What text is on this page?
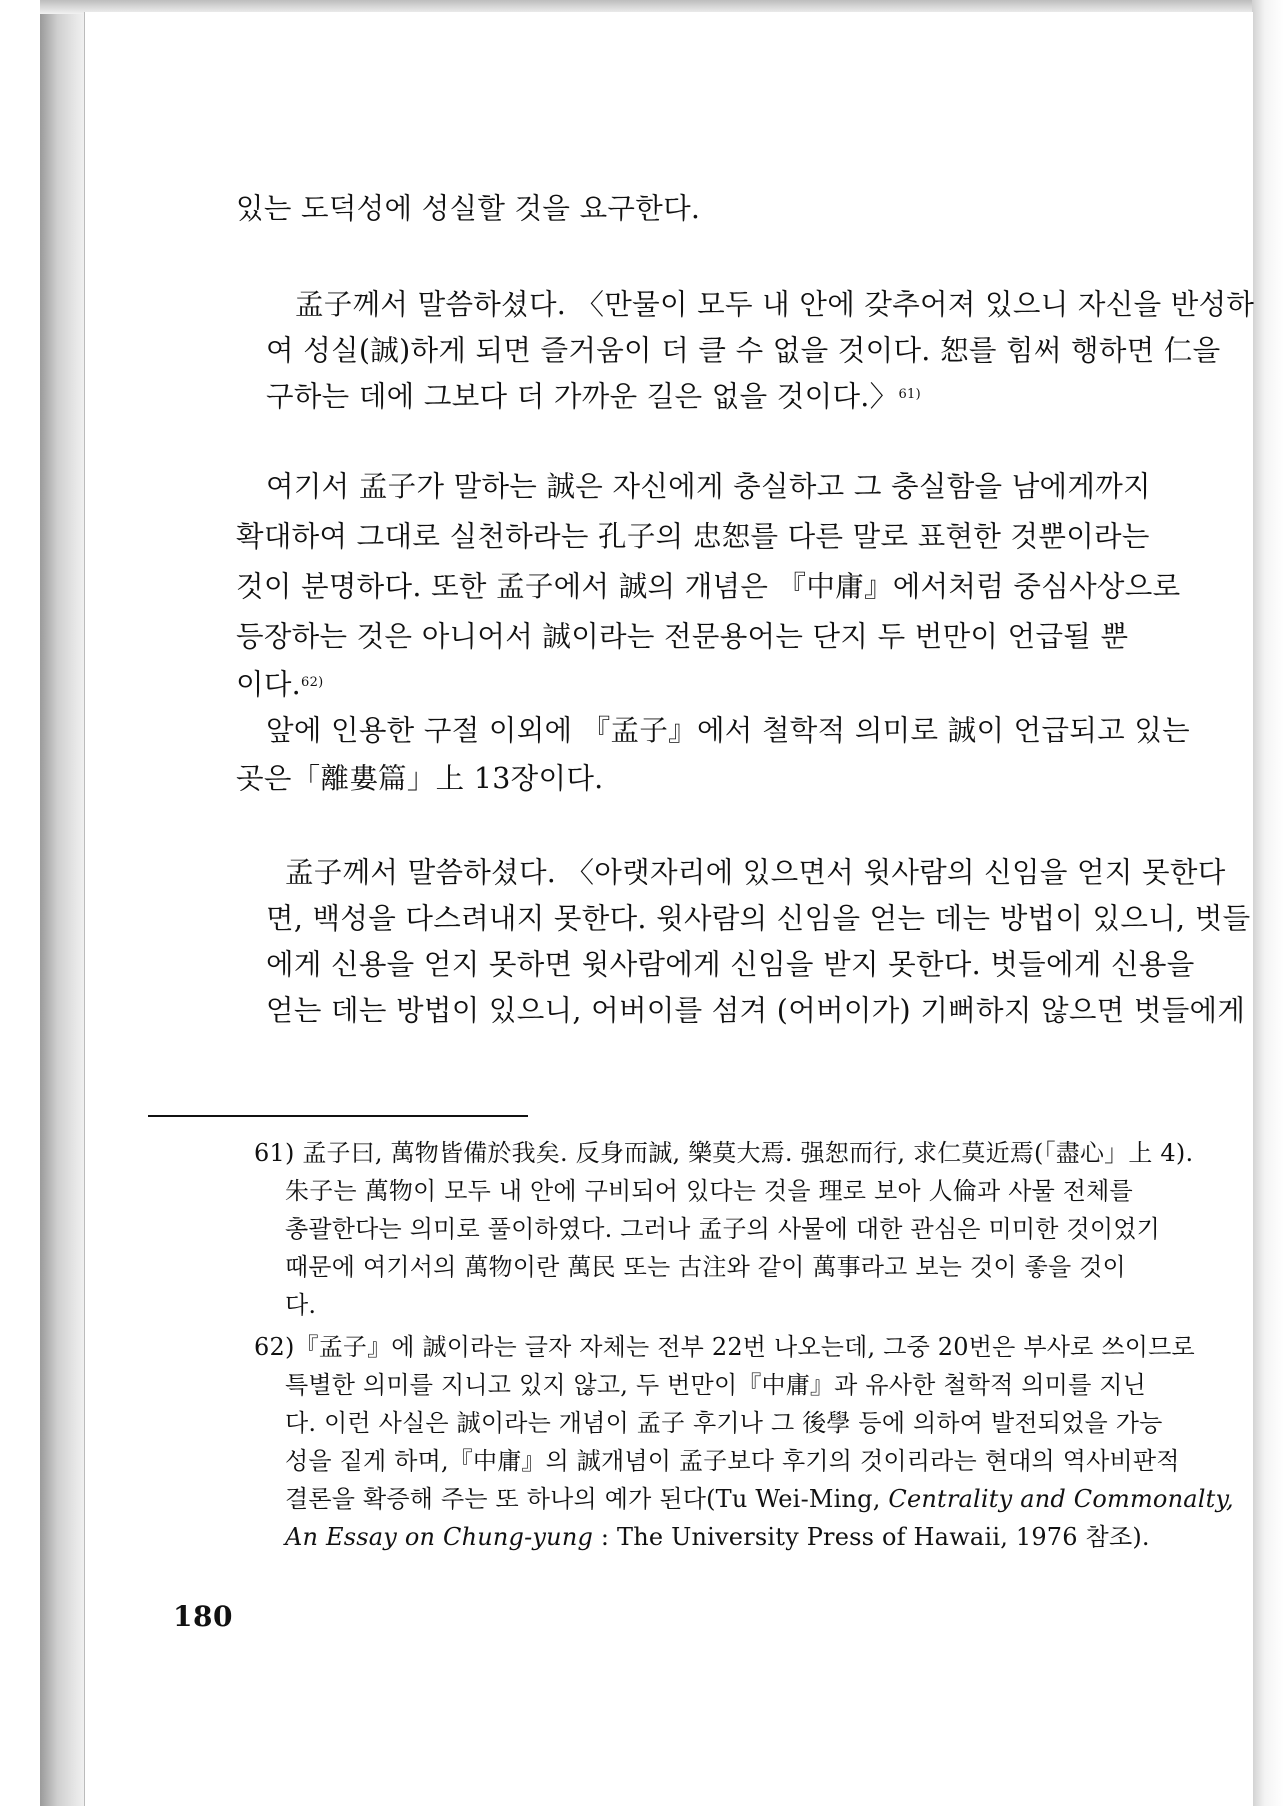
있는 도덕성에 성실할 것을 요구한다.
孟子께서 말씀하셨다. 〈만물이 모두 내 안에 갖추어져 있으니 자신을 반성하
여 성실(誠)하게 되면 즐거움이 더 클 수 없을 것이다. 恕를 힘써 행하면 仁을
구하는 데에 그보다 더 가까운 길은 없을 것이다.〉$^{61)}$
여기서 孟子가 말하는 誠은 자신에게 충실하고 그 충실함을 남에게까지
확대하여 그대로 실천하라는 孔子의 忠恕를 다른 말로 표현한 것뿐이라는
것이 분명하다. 또한 孟子에서 誠의 개념은 『中庸』에서처럼 중심사상으로
등장하는 것은 아니어서 誠이라는 전문용어는 단지 두 번만이 언급될 뿐
이다.$^{62)}$
앞에 인용한 구절 이외에 『孟子』에서 철학적 의미로 誠이 언급되고 있는
곳은「離婁篇」上 13장이다.
孟子께서 말씀하셨다. 〈아랫자리에 있으면서 윗사람의 신임을 얻지 못한다
면, 백성을 다스려내지 못한다. 윗사람의 신임을 얻는 데는 방법이 있으니, 벗들
에게 신용을 얻지 못하면 윗사람에게 신임을 받지 못한다. 벗들에게 신용을
얻는 데는 방법이 있으니, 어버이를 섬겨 (어버이가) 기뻐하지 않으면 벗들에게
61) 孟子曰, 萬物皆備於我矣. 反身而誠, 樂莫大焉. 强恕而行, 求仁莫近焉(「盡心」上 4).
朱子는 萬物이 모두 내 안에 구비되어 있다는 것을 理로 보아 人倫과 사물 전체를
총괄한다는 의미로 풀이하였다. 그러나 孟子의 사물에 대한 관심은 미미한 것이었기
때문에 여기서의 萬物이란 萬民 또는 古注와 같이 萬事라고 보는 것이 좋을 것이
다.
62)『孟子』에 誠이라는 글자 자체는 전부 22번 나오는데, 그중 20번은 부사로 쓰이므로
특별한 의미를 지니고 있지 않고, 두 번만이『中庸』과 유사한 철학적 의미를 지닌
다. 이런 사실은 誠이라는 개념이 孟子 후기나 그 後學 등에 의하여 발전되었을 가능
성을 짙게 하며,『中庸』의 誠개념이 孟子보다 후기의 것이리라는 현대의 역사비판적
결론을 확증해 주는 또 하나의 예가 된다(Tu Wei-Ming, Centrality and Commonalty,
An Essay on Chung-yung : The University Press of Hawaii, 1976 참조).
180
